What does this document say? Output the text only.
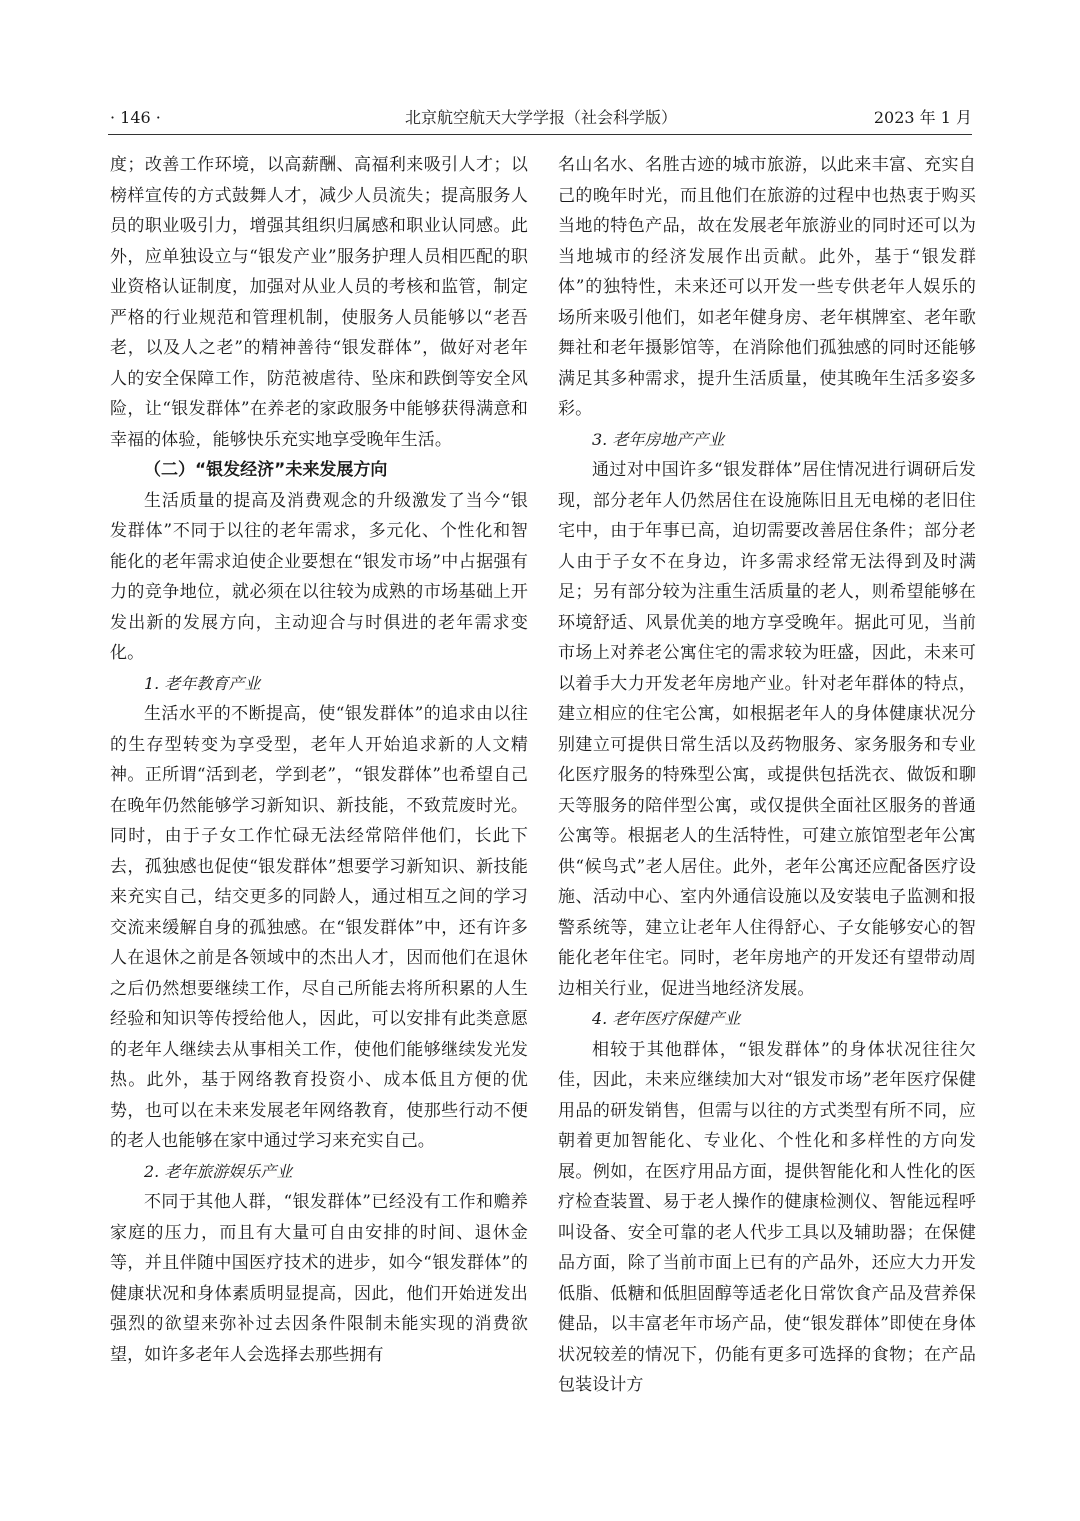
· 146 ·	北京航空航天大学学报（社会科学版）	2023 年 1 月

度；改善工作环境，以高薪酬、高福利来吸引人才；以榜样宣传的方式鼓舞人才，减少人员流失；提高服务人员的职业吸引力，增强其组织归属感和职业认同感。此外，应单独设立与“银发产业”服务护理人员相匹配的职业资格认证制度，加强对从业人员的考核和监管，制定严格的行业规范和管理机制，使服务人员能够以“老吾老，以及人之老”的精神善待“银发群体”，做好对老年人的安全保障工作，防范被虐待、坠床和跌倒等安全风险，让“银发群体”在养老的家政服务中能够获得满意和幸福的体验，能够快乐充实地享受晚年生活。

（二）“银发经济”未来发展方向

生活质量的提高及消费观念的升级激发了当今“银发群体”不同于以往的老年需求，多元化、个性化和智能化的老年需求迫使企业要想在“银发市场”中占据强有力的竞争地位，就必须在以往较为成熟的市场基础上开发出新的发展方向，主动迎合与时俱进的老年需求变化。

1. 老年教育产业

生活水平的不断提高，使“银发群体”的追求由以往的生存型转变为享受型，老年人开始追求新的人文精神。正所谓“活到老，学到老”，“银发群体”也希望自己在晚年仍然能够学习新知识、新技能，不致荒废时光。同时，由于子女工作忙碌无法经常陪伴他们，长此下去，孤独感也促使“银发群体”想要学习新知识、新技能来充实自己，结交更多的同龄人，通过相互之间的学习交流来缓解自身的孤独感。在“银发群体”中，还有许多人在退休之前是各领域中的杰出人才，因而他们在退休之后仍然想要继续工作，尽自己所能去将所积累的人生经验和知识等传授给他人，因此，可以安排有此类意愿的老年人继续去从事相关工作，使他们能够继续发光发热。此外，基于网络教育投资小、成本低且方便的优势，也可以在未来发展老年网络教育，使那些行动不便的老人也能够在家中通过学习来充实自己。

2. 老年旅游娱乐产业

不同于其他人群，“银发群体”已经没有工作和赡养家庭的压力，而且有大量可自由安排的时间、退休金等，并且伴随中国医疗技术的进步，如今“银发群体”的健康状况和身体素质明显提高，因此，他们开始迸发出强烈的欲望来弥补过去因条件限制未能实现的消费欲望，如许多老年人会选择去那些拥有

名山名水、名胜古迹的城市旅游，以此来丰富、充实自己的晚年时光，而且他们在旅游的过程中也热衷于购买当地的特色产品，故在发展老年旅游业的同时还可以为当地城市的经济发展作出贡献。此外，基于“银发群体”的独特性，未来还可以开发一些专供老年人娱乐的场所来吸引他们，如老年健身房、老年棋牌室、老年歌舞社和老年摄影馆等，在消除他们孤独感的同时还能够满足其多种需求，提升生活质量，使其晚年生活多姿多彩。

3. 老年房地产产业

通过对中国许多“银发群体”居住情况进行调研后发现，部分老年人仍然居住在设施陈旧且无电梯的老旧住宅中，由于年事已高，迫切需要改善居住条件；部分老人由于子女不在身边，许多需求经常无法得到及时满足；另有部分较为注重生活质量的老人，则希望能够在环境舒适、风景优美的地方享受晚年。据此可见，当前市场上对养老公寓住宅的需求较为旺盛，因此，未来可以着手大力开发老年房地产业。针对老年群体的特点，建立相应的住宅公寓，如根据老年人的身体健康状况分别建立可提供日常生活以及药物服务、家务服务和专业化医疗服务的特殊型公寓，或提供包括洗衣、做饭和聊天等服务的陪伴型公寓，或仅提供全面社区服务的普通公寓等。根据老人的生活特性，可建立旅馆型老年公寓供“候鸟式”老人居住。此外，老年公寓还应配备医疗设施、活动中心、室内外通信设施以及安装电子监测和报警系统等，建立让老年人住得舒心、子女能够安心的智能化老年住宅。同时，老年房地产的开发还有望带动周边相关行业，促进当地经济发展。

4. 老年医疗保健产业

相较于其他群体，“银发群体”的身体状况往往欠佳，因此，未来应继续加大对“银发市场”老年医疗保健用品的研发销售，但需与以往的方式类型有所不同，应朝着更加智能化、专业化、个性化和多样性的方向发展。例如，在医疗用品方面，提供智能化和人性化的医疗检查装置、易于老人操作的健康检测仪、智能远程呼叫设备、安全可靠的老人代步工具以及辅助器；在保健品方面，除了当前市面上已有的产品外，还应大力开发低脂、低糖和低胆固醇等适老化日常饮食产品及营养保健品，以丰富老年市场产品，使“银发群体”即使在身体状况较差的情况下，仍能有更多可选择的食物；在产品包装设计方
